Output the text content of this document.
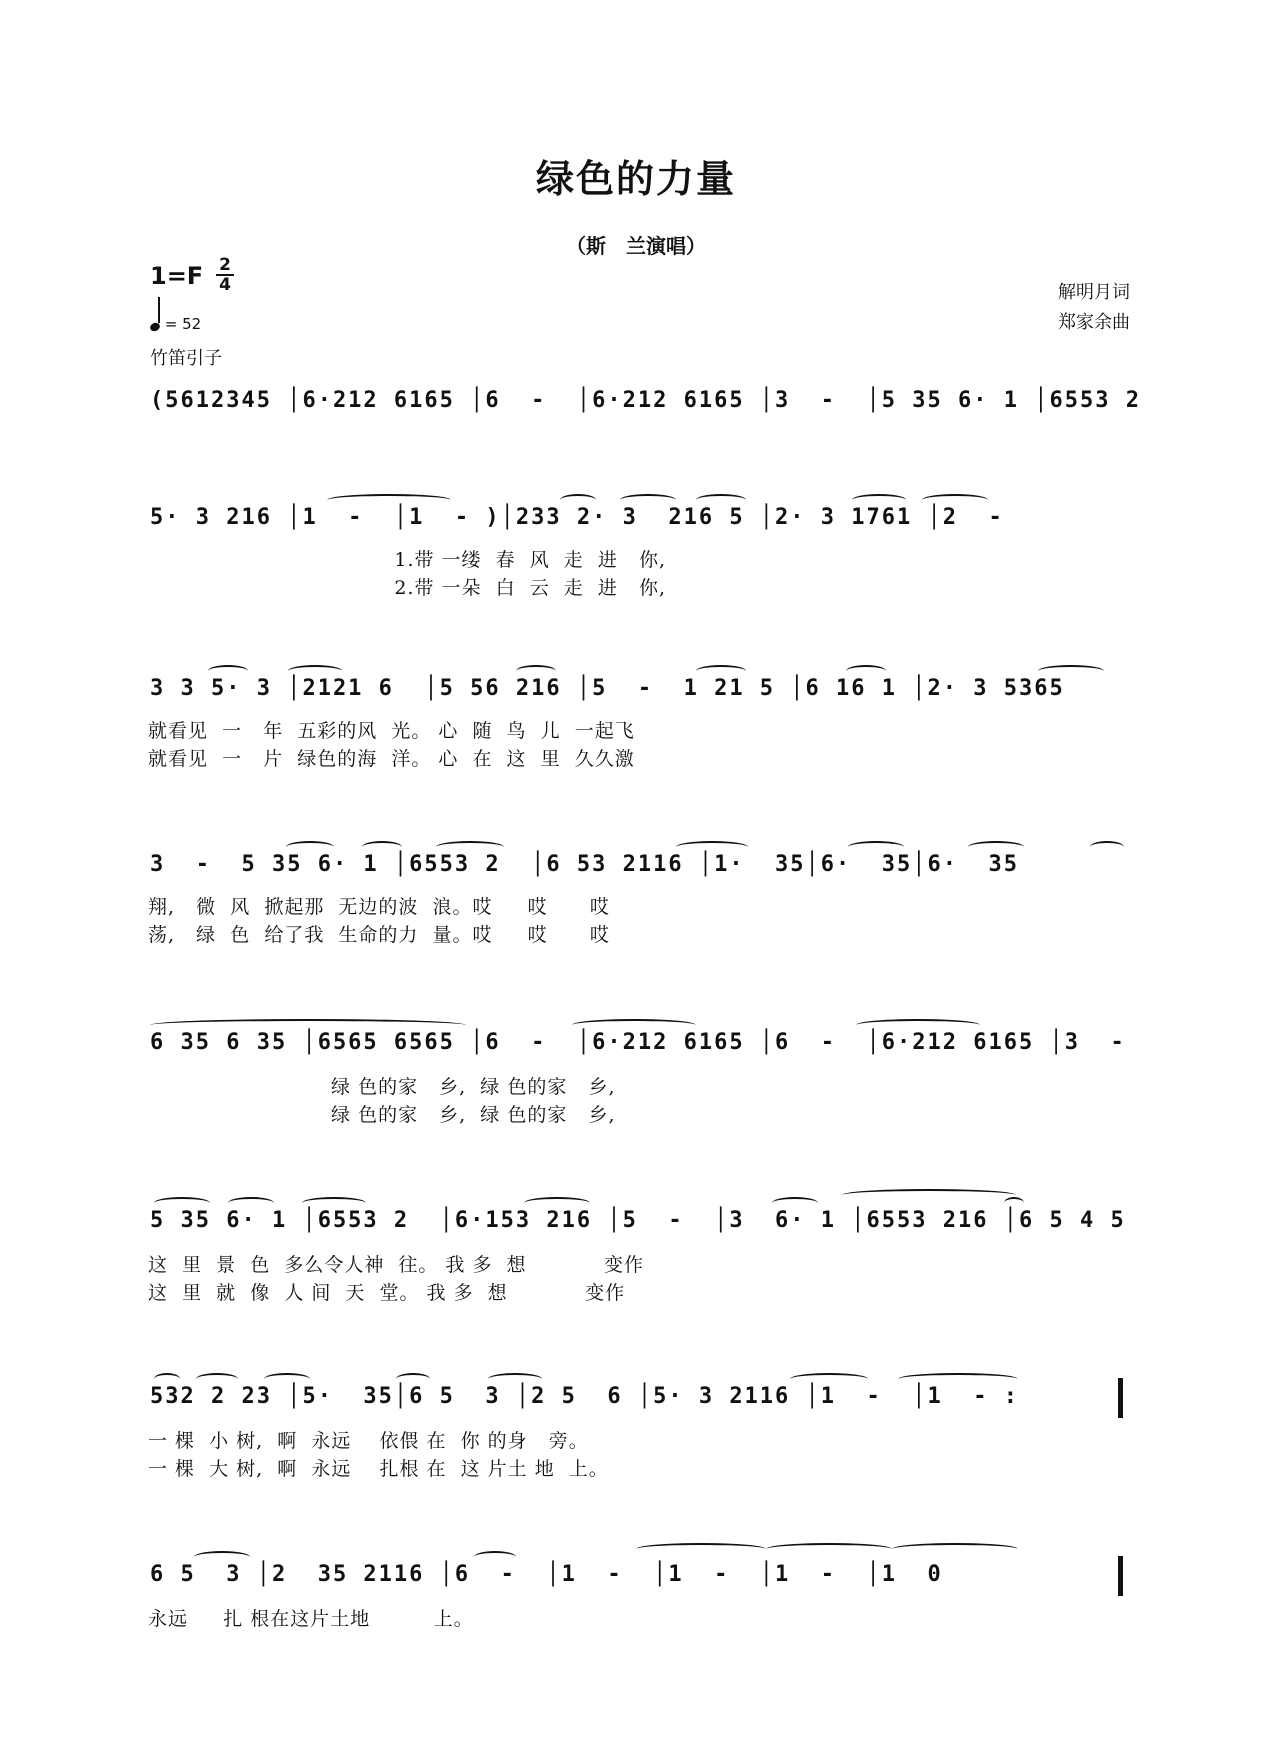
绿色的力量
（斯　兰演唱）
1=F 2
4
= 52
解明月词
郑家余曲
竹笛引子
(5612345 │6·212 6165 │6  -  │6·212 6165 │3  -  │5 35 6· 1 │6553 2
5· 3 216 │1  -  │1  - )│233 2· 3  216 5 │2· 3 1761 │2  -
1.带 一缕  春  风  走  进   你,
2.带 一朵  白  云  走  进   你,
3 3 5· 3 │2121 6  │5 56 216 │5  -  1 21 5 │6 16 1 │2· 3 5365
就看见  一   年  五彩的风  光。 心  随  鸟  儿  一起飞
就看见  一   片  绿色的海  洋。 心  在  这  里  久久激
3  -  5 35 6· 1 │6553 2  │6 53 2116 │1·  35│6·  35│6·  35
翔,   微  风  掀起那  无边的波  浪。哎     哎      哎
荡,   绿  色  给了我  生命的力  量。哎     哎      哎
6 35 6 35 │6565 6565 │6  -  │6·212 6165 │6  -  │6·212 6165 │3  -
绿 色的家   乡,  绿 色的家   乡,
绿 色的家   乡,  绿 色的家   乡,
5 35 6· 1 │6553 2  │6·153 216 │5  -  │3  6· 1 │6553 216 │6 5 4 5
这  里  景  色  多么令人神  往。 我 多  想           变作
这  里  就  像  人 间  天  堂。 我 多  想           变作
532 2 23 │5·  35│6 5  3 │2 5  6 │5· 3 2116 │1  -  │1  - :
一 棵  小 树,  啊  永远    依偎 在  你 的身   旁。
一 棵  大 树,  啊  永远    扎根 在  这 片土 地  上。
6 5  3 │2  35 2116 │6  -  │1  -  │1  -  │1  -  │1  0
永远     扎 根在这片土地         上。
